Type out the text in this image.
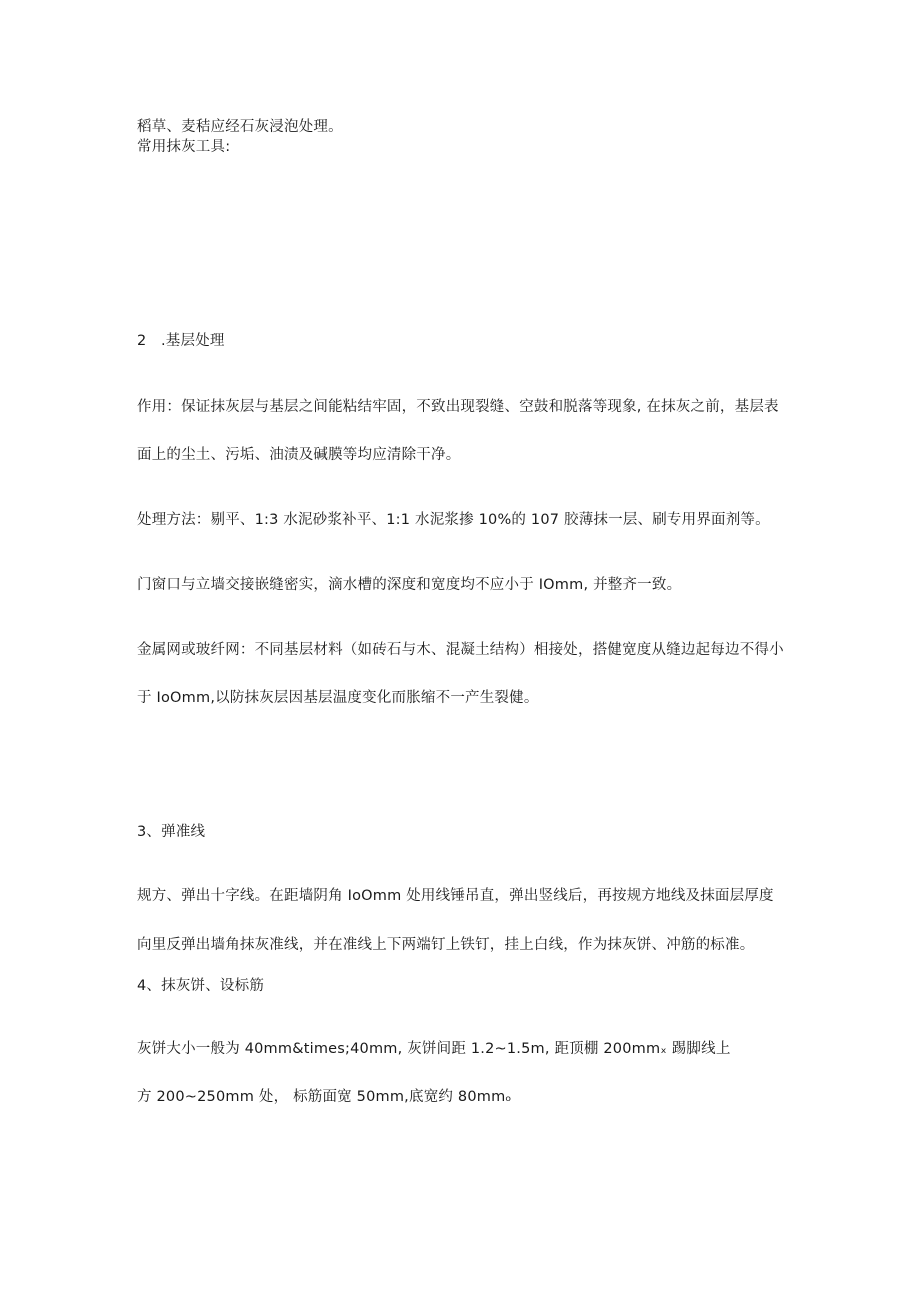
稻草、麦秸应经石灰浸泡处理。
常用抹灰工具:
2 .基层处理
作用：保证抹灰层与基层之间能粘结牢固，不致出现裂缝、空鼓和脱落等现象, 在抹灰之前，基层表
面上的尘土、污垢、油渍及碱膜等均应清除干净。
处理方法：剔平、1:3 水泥砂浆补平、1:1 水泥浆掺 10%的 107 胶薄抹一层、刷专用界面剂等。
门窗口与立墙交接嵌缝密实，滴水槽的深度和宽度均不应小于 IOmm, 并整齐一致。
金属网或玻纤网：不同基层材料（如砖石与木、混凝土结构）相接处，搭健宽度从缝边起每边不得小
于 IoOmm,以防抹灰层因基层温度变化而胀缩不一产生裂健。
3、弹准线
规方、弹出十字线。在距墙阴角 IoOmm 处用线锤吊直，弹出竖线后，再按规方地线及抹面层厚度
向里反弹出墙角抹灰准线，并在准线上下两端钉上铁钉，挂上白线，作为抹灰饼、冲筋的标准。
4、抹灰饼、设标筋
灰饼大小一般为 40mm&times;40mm, 灰饼间距 1.2~1.5m, 距顶棚 200mmₓ 踢脚线上
方 200~250mm 处， 标筋面宽 50mm,底宽约 80mmₒ
